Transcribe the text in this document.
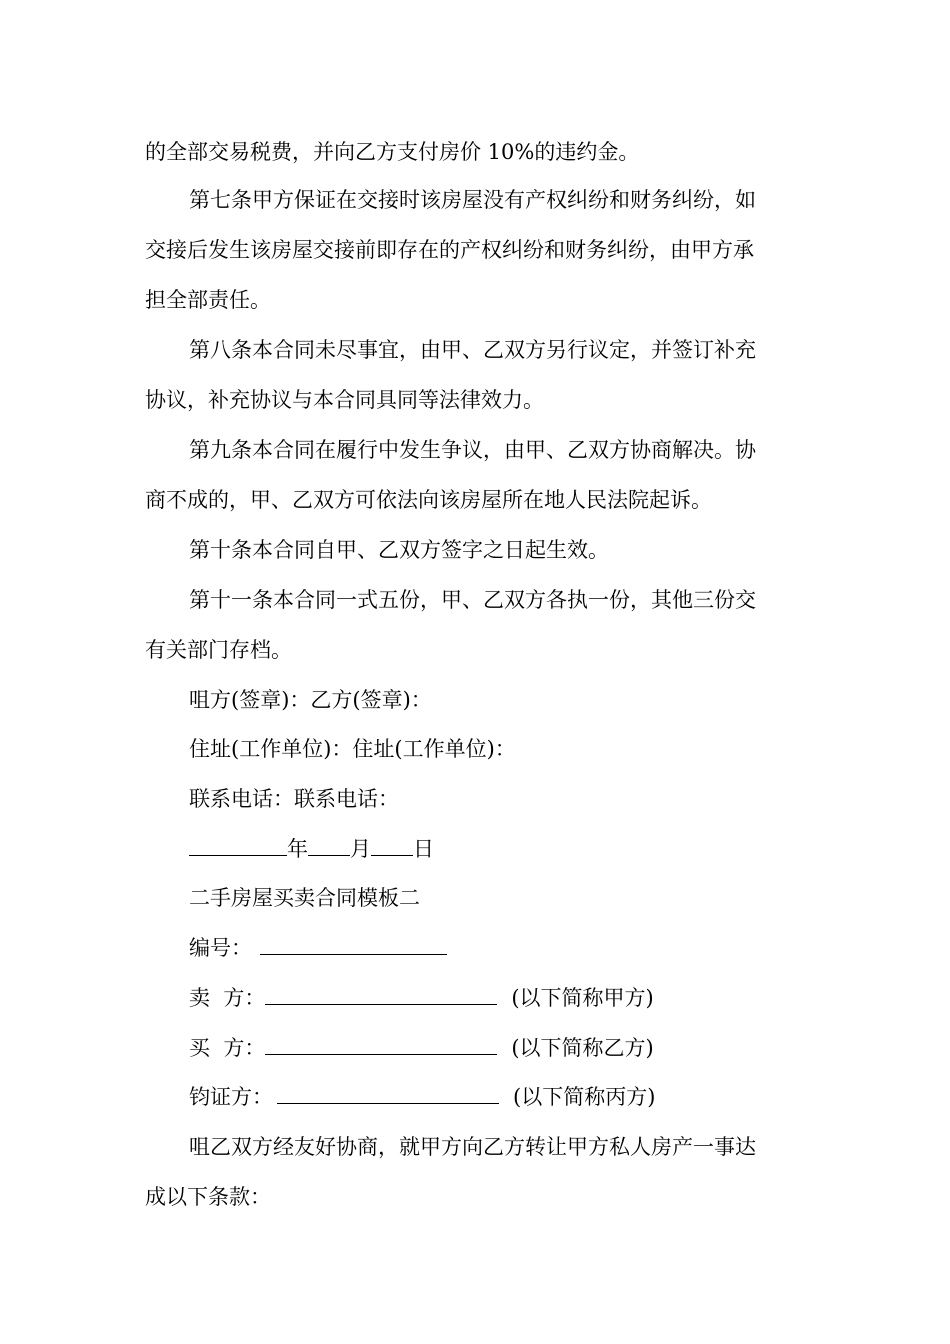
的全部交易税费，并向乙方支付房价 10%的违约金。
第七条甲方保证在交接时该房屋没有产权纠纷和财务纠纷，如
交接后发生该房屋交接前即存在的产权纠纷和财务纠纷，由甲方承
担全部责任。
第八条本合同未尽事宜，由甲、乙双方另行议定，并签订补充
协议，补充协议与本合同具同等法律效力。
第九条本合同在履行中发生争议，由甲、乙双方协商解决。协
商不成的，甲、乙双方可依法向该房屋所在地人民法院起诉。
第十条本合同自甲、乙双方签字之日起生效。
第十一条本合同一式五份，甲、乙双方各执一份，其他三份交
有关部门存档。
咀方(签章)：乙方(签章)：
住址(工作单位)：住址(工作单位)：
联系电话：联系电话：
年 月 日
二手房屋买卖合同模板二
编号：
卖  方：	(以下简称甲方)
买  方：	(以下简称乙方)
钧证方：	(以下简称丙方)
咀乙双方经友好协商，就甲方向乙方转让甲方私人房产一事达
成以下条款：
